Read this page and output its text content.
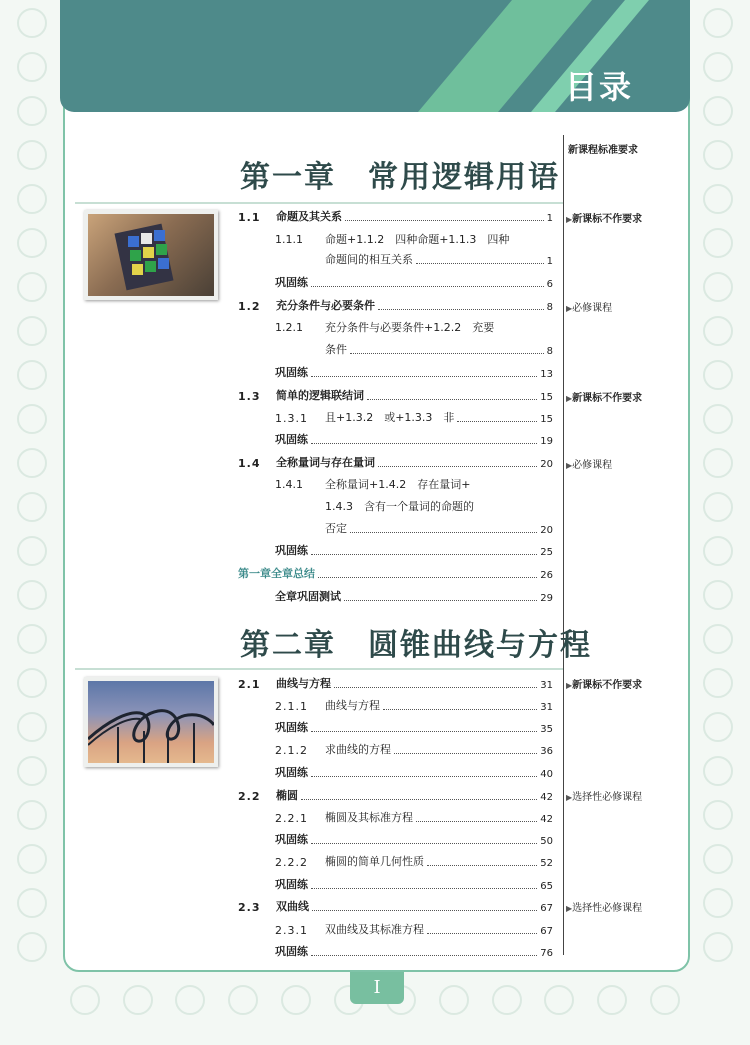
目录
新课程标准要求
第一章　常用逻辑用语
1.1	命题及其关系	1
1.1.1 命题+1.1.2　四种命题+1.1.3　四种
命题间的相互关系	1
巩固练	6
1.2	充分条件与必要条件	8
1.2.1 充分条件与必要条件+1.2.2　充要
条件	8
巩固练	13
1.3	简单的逻辑联结词	15
1.3.1	且+1.3.2　或+1.3.3　非	15
巩固练	19
1.4	全称量词与存在量词	20
1.4.1 全称量词+1.4.2　存在量词+
1.4.3　含有一个量词的命题的
否定	20
巩固练	25
第一章全章总结	26
全章巩固测试	29
第二章　圆锥曲线与方程
2.1	曲线与方程	31
2.1.1	曲线与方程	31
巩固练	35
2.1.2	求曲线的方程	36
巩固练	40
2.2	椭圆	42
2.2.1	椭圆及其标准方程	42
巩固练	50
2.2.2	椭圆的简单几何性质	52
巩固练	65
2.3	双曲线	67
2.3.1	双曲线及其标准方程	67
巩固练	76
▶新课标不作要求
▶必修课程
▶新课标不作要求
▶必修课程
▶新课标不作要求
▶选择性必修课程
▶选择性必修课程
I
